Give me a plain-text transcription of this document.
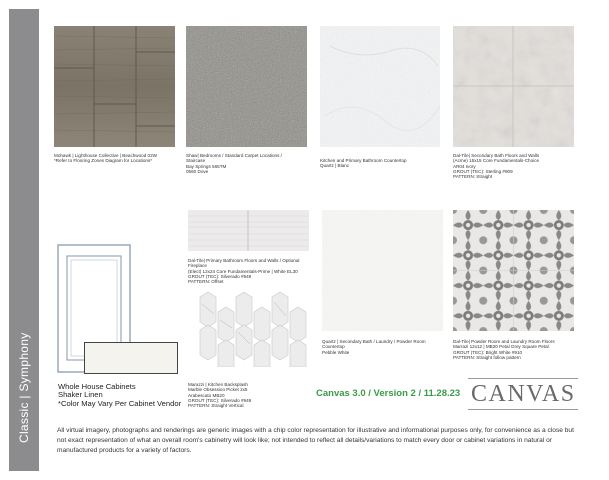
Classic | Symphony
Mohawk | Lighthouse Collective | Beachwood 02W
*Refer to Flooring Zones Diagram for Locations*
Shaw| Bedrooms / Standard Carpet Locations /
Staircase
Bay Springs 565TM
0560 Dove
Kitchen and Primary Bathroom Countertop
Quartz | Blanc
Dal-Tile| Secondary Bath Floors and Walls
(Acme) 15x15 Core Fundamentals-Choice
AR04 Ivory
GROUT (TEC): Sterling #909
PATTERN: Straight
Whole House Cabinets
Shaker Linen
*Color May Vary Per Cabinet Vendor
Dal-Tile| Primary Bathroom Floors and Walls / Optional
Fireplace
(Elect) 12x24 Core Fundamentals-Prime | White EL30
GROUT (TEC): Silverado #949
PATTERN: Offset
Marazzi | Kitchen Backsplash
Marble Obsession Picket 2x5
Arabescato MB20
GROUT (TEC): Silverado #949
PATTERN: Straight Vertical
Quartz | Secondary Bath / Laundry / Powder Room
Countertop
Pebble White
Dal-Tile| Powder Room and Laundry Room Floors
Marrazi 12x12 | MB20 Petal Grey Square Petal
GROUT (TEC): Bright White #910
PATTERN: Straight follow pattern
Canvas 3.0 / Version 2 / 11.28.23 CANVAS
All virtual imagery, photographs and renderings are generic images with a chip color representation for illustrative and informational purposes only, for convenience as a close but not exact representation of what an overall room's cabinetry will look like; not intended to reflect all details/variations to match every door or cabinet variations in natural or manufactured products for a variety of factors.
